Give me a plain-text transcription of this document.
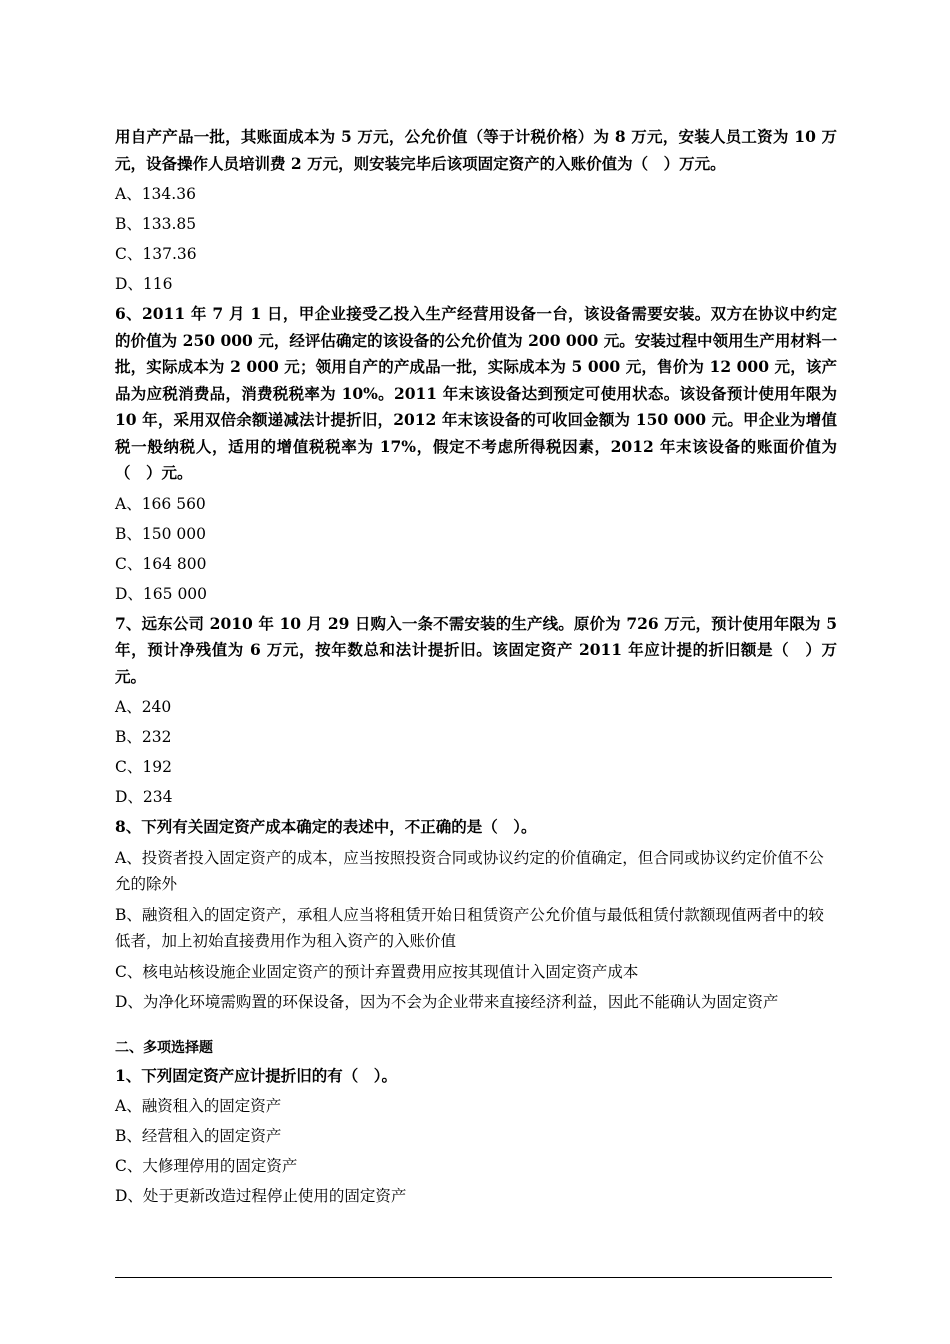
用自产产品一批，其账面成本为 5 万元，公允价值（等于计税价格）为 8 万元，安装人员工资为 10 万元，设备操作人员培训费 2 万元，则安装完毕后该项固定资产的入账价值为（　）万元。

A、134.36

B、133.85

C、137.36

D、116

6、2011 年 7 月 1 日，甲企业接受乙投入生产经营用设备一台，该设备需要安装。双方在协议中约定的价值为 250 000 元，经评估确定的该设备的公允价值为 200 000 元。安装过程中领用生产用材料一批，实际成本为 2 000 元；领用自产的产成品一批，实际成本为 5 000 元，售价为 12 000 元，该产品为应税消费品，消费税税率为 10%。2011 年末该设备达到预定可使用状态。该设备预计使用年限为 10 年，采用双倍余额递减法计提折旧，2012 年末该设备的可收回金额为 150 000 元。甲企业为增值税一般纳税人，适用的增值税税率为 17%，假定不考虑所得税因素，2012 年末该设备的账面价值为（　）元。

A、166 560

B、150 000

C、164 800

D、165 000

7、远东公司 2010 年 10 月 29 日购入一条不需安装的生产线。原价为 726 万元，预计使用年限为 5 年，预计净残值为 6 万元，按年数总和法计提折旧。该固定资产 2011 年应计提的折旧额是（　）万元。

A、240

B、232

C、192

D、234

8、下列有关固定资产成本确定的表述中，不正确的是（　）。

A、投资者投入固定资产的成本，应当按照投资合同或协议约定的价值确定，但合同或协议约定价值不公允的除外

B、融资租入的固定资产，承租人应当将租赁开始日租赁资产公允价值与最低租赁付款额现值两者中的较低者，加上初始直接费用作为租入资产的入账价值

C、核电站核设施企业固定资产的预计弃置费用应按其现值计入固定资产成本

D、为净化环境需购置的环保设备，因为不会为企业带来直接经济利益，因此不能确认为固定资产

二、多项选择题

1、下列固定资产应计提折旧的有（　）。

A、融资租入的固定资产

B、经营租入的固定资产

C、大修理停用的固定资产

D、处于更新改造过程停止使用的固定资产
